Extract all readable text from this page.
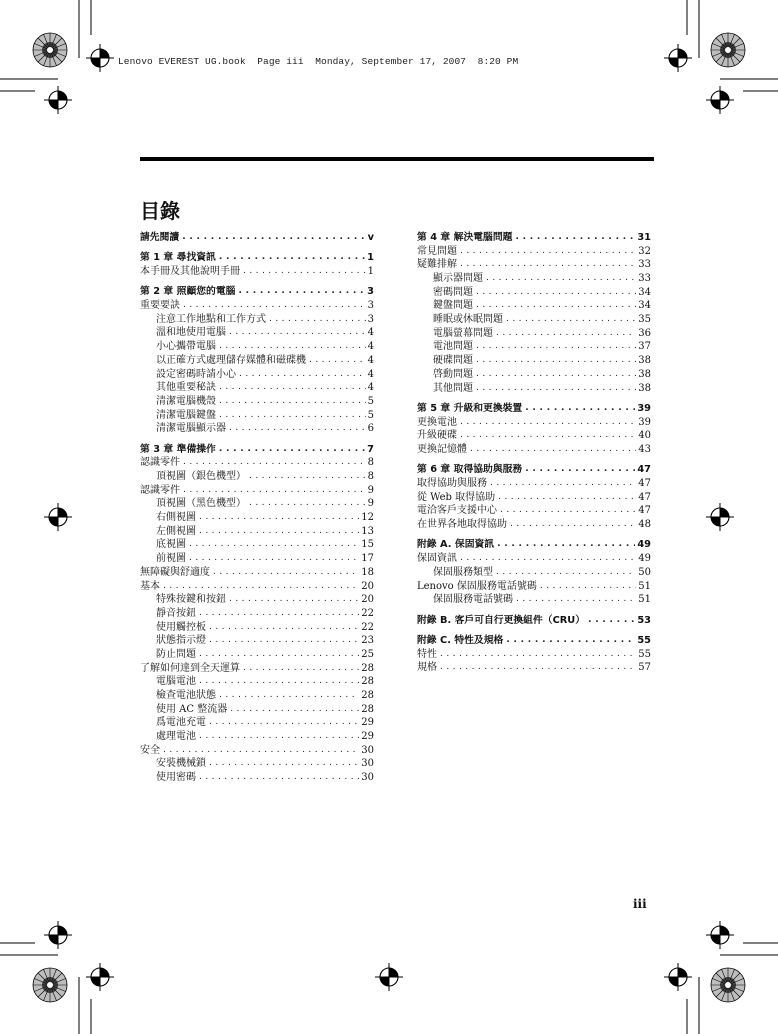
Lenovo EVEREST UG.book  Page iii  Monday, September 17, 2007  8:20 PM
目錄
請先閱讀 . . .	v
第 1 章 尋找資訊 . . .	1
本手冊及其他說明手冊 . . .	1
第 2 章 照顧您的電腦 . . .	3
重要要訣 . . .	3
注意工作地點和工作方式 . . .	3
溫和地使用電腦 . . .	4
小心攜帶電腦 . . .	4
以正確方式處理儲存媒體和磁碟機 . . .	4
設定密碼時請小心 . . .	4
其他重要秘訣 . . .	4
清潔電腦機殼 . . .	5
清潔電腦鍵盤 . . .	5
清潔電腦顯示器 . . .	6
第 3 章 準備操作 . . .	7
認識零件 . . .	8
頂視圖（銀色機型） . . .	8
認識零件 . . .	9
頂視圖（黑色機型） . . .	9
右側視圖 . . .	12
左側視圖 . . .	13
底視圖 . . .	15
前視圖 . . .	17
無障礙與舒適度 . . .	18
基本 . . .	20
特殊按鍵和按鈕 . . .	20
靜音按鈕 . . .	22
使用觸控板 . . .	22
狀態指示燈 . . .	23
防止問題 . . .	25
了解如何達到全天運算 . . .	28
電腦電池 . . .	28
檢查電池狀態 . . .	28
使用 AC 整流器 . . .	28
爲電池充電 . . .	29
處理電池 . . .	29
安全 . . .	30
安裝機械鎖 . . .	30
使用密碼 . . .	30
第 4 章 解決電腦問題 . . .	31
常見問題 . . .	32
疑難排解 . . .	33
顯示器問題 . . .	33
密碼問題 . . .	34
鍵盤問題 . . .	34
睡眠或休眠問題 . . .	35
電腦螢幕問題 . . .	36
電池問題 . . .	37
硬碟問題 . . .	38
啓動問題 . . .	38
其他問題 . . .	38
第 5 章 升級和更換裝置 . . .	39
更換電池 . . .	39
升級硬碟 . . .	40
更換記憶體 . . .	43
第 6 章 取得協助與服務 . . .	47
取得協助與服務 . . .	47
從 Web 取得協助 . . .	47
電洽客戶支援中心 . . .	47
在世界各地取得協助 . . .	48
附錄 A. 保固資訊 . . .	49
保固資訊 . . .	49
保固服務類型 . . .	50
Lenovo 保固服務電話號碼 . . .	51
保固服務電話號碼 . . .	51
附錄 B. 客戶可自行更換組件（CRU） . . .	53
附錄 C. 特性及規格 . . .	55
特性 . . .	55
規格 . . .	57
iii
